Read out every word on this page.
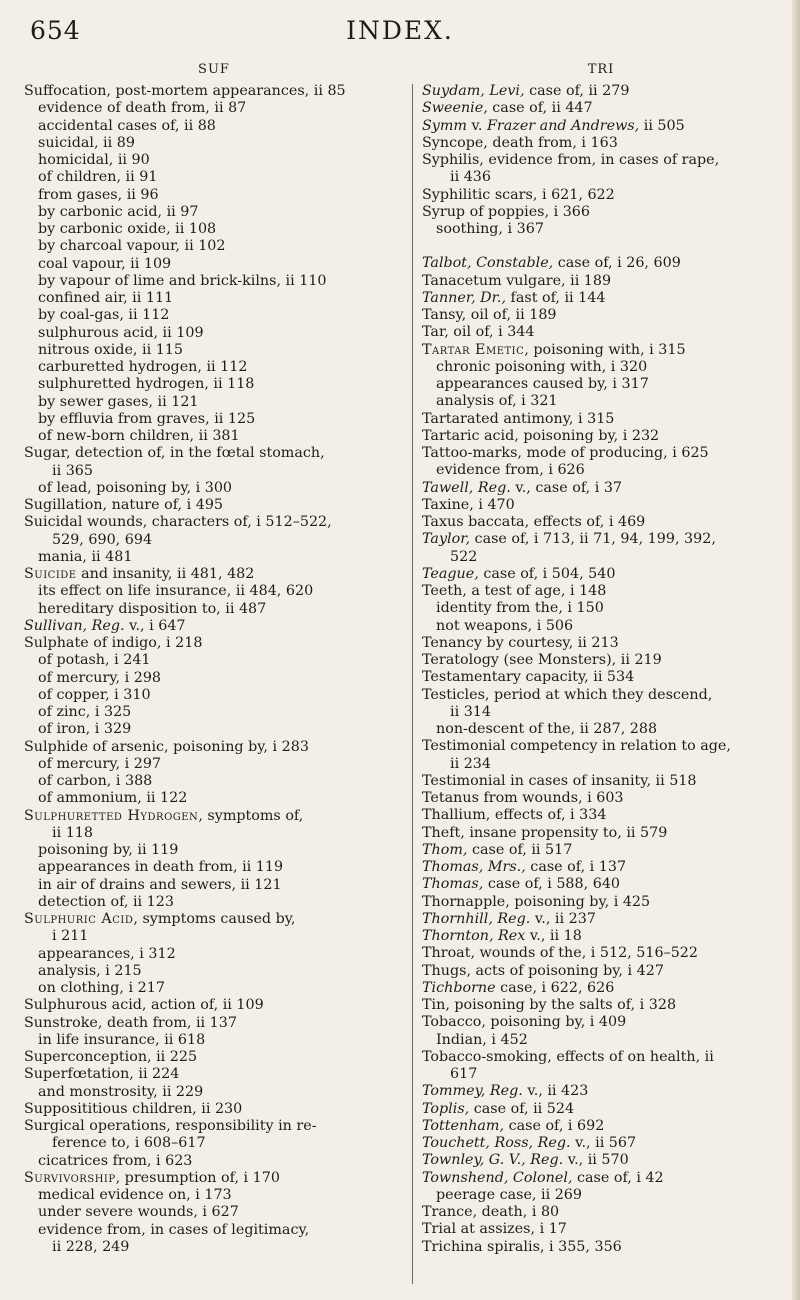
INDEX.
654
SUF
Suffocation, post-mortem appearances, ii 85
evidence of death from, ii 87
accidental cases of, ii 88
suicidal, ii 89
homicidal, ii 90
of children, ii 91
from gases, ii 96
by carbonic acid, ii 97
by carbonic oxide, ii 108
by charcoal vapour, ii 102
coal vapour, ii 109
by vapour of lime and brick-kilns, ii 110
confined air, ii 111
by coal-gas, ii 112
sulphurous acid, ii 109
nitrous oxide, ii 115
carburetted hydrogen, ii 112
sulphuretted hydrogen, ii 118
by sewer gases, ii 121
by effluvia from graves, ii 125
of new-born children, ii 381
Sugar, detection of, in the fœtal stomach,
ii 365
of lead, poisoning by, i 300
Sugillation, nature of, i 495
Suicidal wounds, characters of, i 512–522,
529, 690, 694
mania, ii 481
Suicide and insanity, ii 481, 482
its effect on life insurance, ii 484, 620
hereditary disposition to, ii 487
Sullivan, Reg. v., i 647
Sulphate of indigo, i 218
of potash, i 241
of mercury, i 298
of copper, i 310
of zinc, i 325
of iron, i 329
Sulphide of arsenic, poisoning by, i 283
of mercury, i 297
of carbon, i 388
of ammonium, ii 122
Sulphuretted Hydrogen, symptoms of,
ii 118
poisoning by, ii 119
appearances in death from, ii 119
in air of drains and sewers, ii 121
detection of, ii 123
Sulphuric Acid, symptoms caused by,
i 211
appearances, i 312
analysis, i 215
on clothing, i 217
Sulphurous acid, action of, ii 109
Sunstroke, death from, ii 137
in life insurance, ii 618
Superconception, ii 225
Superfœtation, ii 224
and monstrosity, ii 229
Supposititious children, ii 230
Surgical operations, responsibility in re-
ference to, i 608–617
cicatrices from, i 623
Survivorship, presumption of, i 170
medical evidence on, i 173
under severe wounds, i 627
evidence from, in cases of legitimacy,
ii 228, 249
TRI
Suydam, Levi, case of, ii 279
Sweenie, case of, ii 447
Symm v. Frazer and Andrews, ii 505
Syncope, death from, i 163
Syphilis, evidence from, in cases of rape,
ii 436
Syphilitic scars, i 621, 622
Syrup of poppies, i 366
soothing, i 367
Talbot, Constable, case of, i 26, 609
Tanacetum vulgare, ii 189
Tanner, Dr., fast of, ii 144
Tansy, oil of, ii 189
Tar, oil of, i 344
Tartar Emetic, poisoning with, i 315
chronic poisoning with, i 320
appearances caused by, i 317
analysis of, i 321
Tartarated antimony, i 315
Tartaric acid, poisoning by, i 232
Tattoo-marks, mode of producing, i 625
evidence from, i 626
Tawell, Reg. v., case of, i 37
Taxine, i 470
Taxus baccata, effects of, i 469
Taylor, case of, i 713, ii 71, 94, 199, 392,
522
Teague, case of, i 504, 540
Teeth, a test of age, i 148
identity from the, i 150
not weapons, i 506
Tenancy by courtesy, ii 213
Teratology (see Monsters), ii 219
Testamentary capacity, ii 534
Testicles, period at which they descend,
ii 314
non-descent of the, ii 287, 288
Testimonial competency in relation to age,
ii 234
Testimonial in cases of insanity, ii 518
Tetanus from wounds, i 603
Thallium, effects of, i 334
Theft, insane propensity to, ii 579
Thom, case of, ii 517
Thomas, Mrs., case of, i 137
Thomas, case of, i 588, 640
Thornapple, poisoning by, i 425
Thornhill, Reg. v., ii 237
Thornton, Rex v., ii 18
Throat, wounds of the, i 512, 516–522
Thugs, acts of poisoning by, i 427
Tichborne case, i 622, 626
Tin, poisoning by the salts of, i 328
Tobacco, poisoning by, i 409
Indian, i 452
Tobacco-smoking, effects of on health, ii
617
Tommey, Reg. v., ii 423
Toplis, case of, ii 524
Tottenham, case of, i 692
Touchett, Ross, Reg. v., ii 567
Townley, G. V., Reg. v., ii 570
Townshend, Colonel, case of, i 42
peerage case, ii 269
Trance, death, i 80
Trial at assizes, i 17
Trichina spiralis, i 355, 356
